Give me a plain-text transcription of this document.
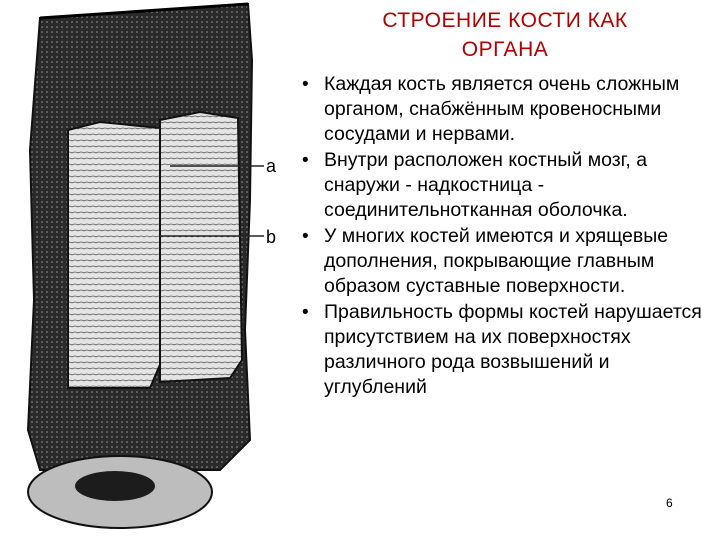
a
b
СТРОЕНИЕ КОСТИ КАК
ОРГАНА
• Каждая кость является очень сложным органом, снабжённым кровеносными сосудами и нервами.
• Внутри расположен костный мозг, а снаружи - надкостница - соединительнотканная оболочка.
• У многих костей имеются и хрящевые дополнения, покрывающие главным образом суставные поверхности.
• Правильность формы костей нарушается присутствием на их поверхностях различного рода возвышений и углублений
6
